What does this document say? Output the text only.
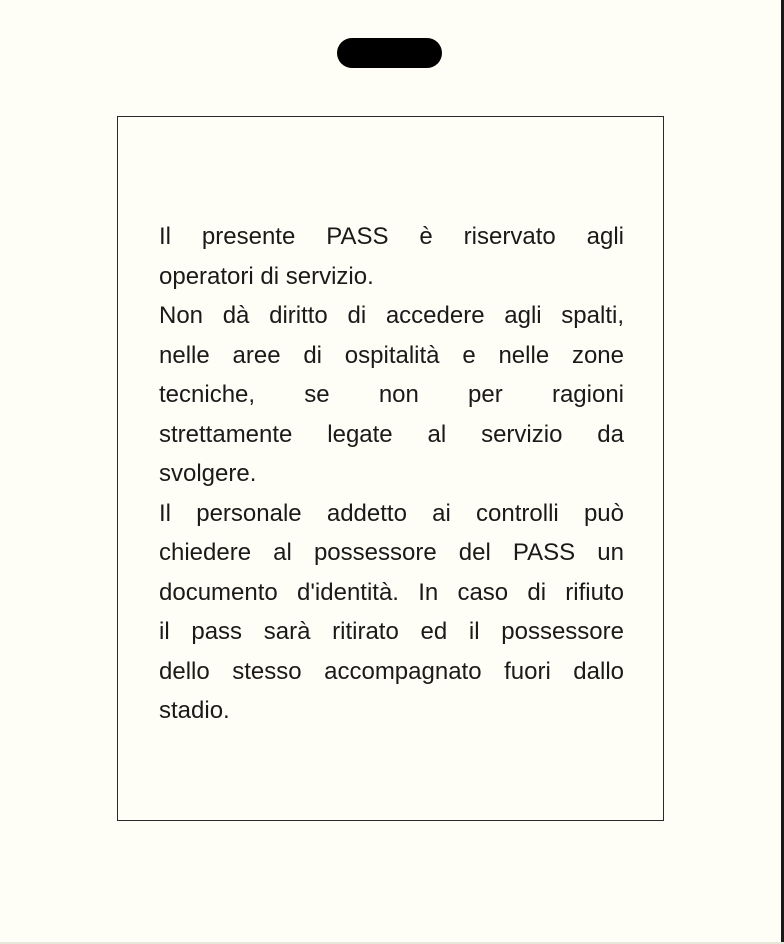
Il presente PASS è riservato agli
operatori di servizio.

Non dà diritto di accedere agli spalti,
nelle aree di ospitalità e nelle zone
tecniche, se non per ragioni
strettamente legate al servizio da
svolgere.

Il personale addetto ai controlli può
chiedere al possessore del PASS un
documento d'identità. In caso di rifiuto
il pass sarà ritirato ed il possessore
dello stesso accompagnato fuori dallo
stadio.
